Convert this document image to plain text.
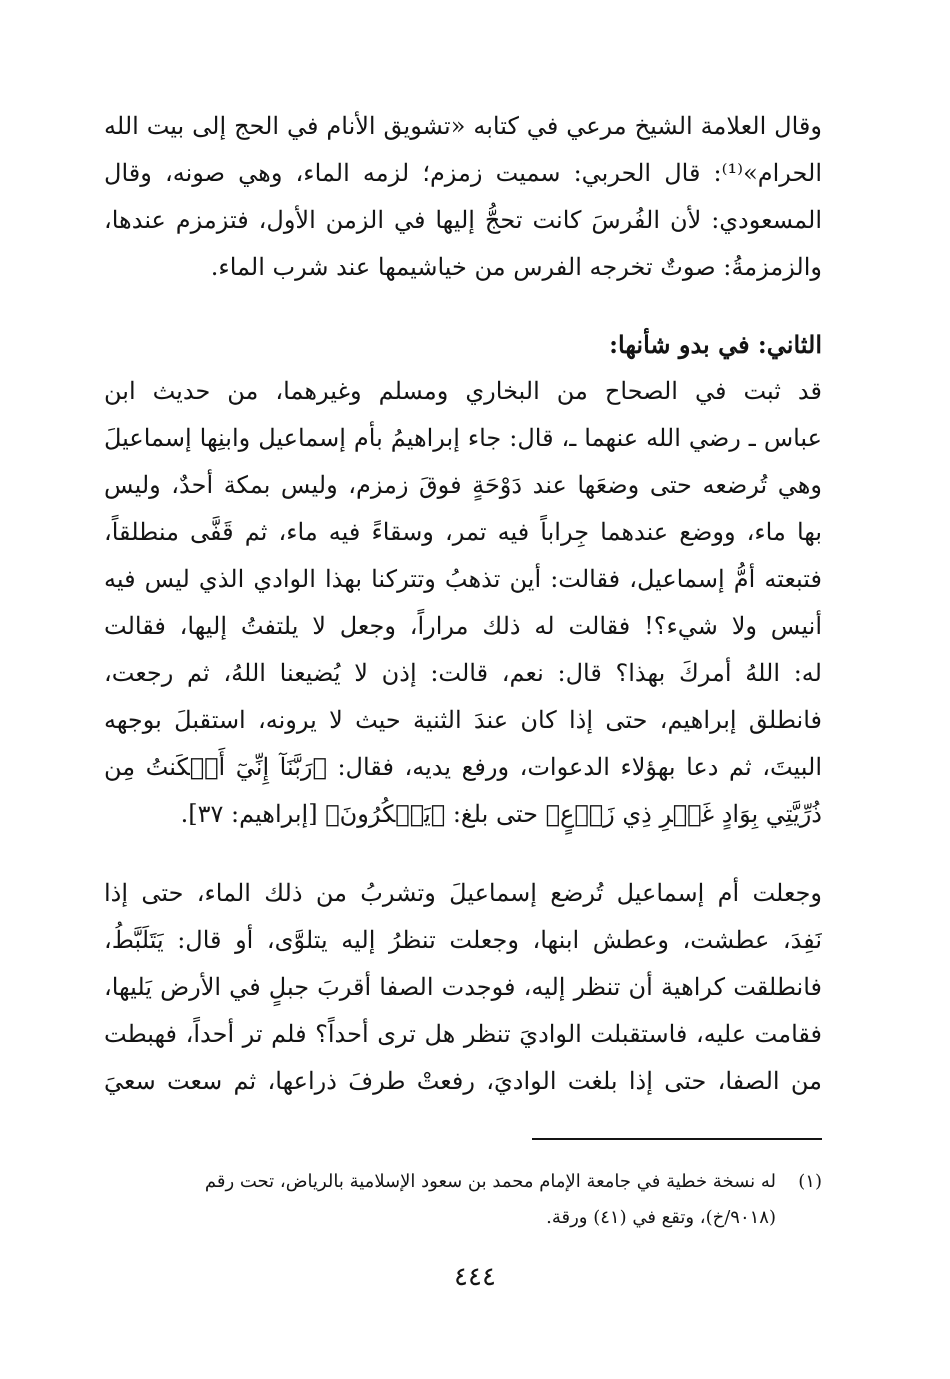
وقال العلامة الشيخ مرعي في كتابه «تشويق الأنام في الحج إلى بيت الله
الحرام»⁽¹⁾: قال الحربي: سميت زمزم؛ لزمه الماء، وهي صونه، وقال
المسعودي: لأن الفُرسَ كانت تحجُّ إليها في الزمن الأول، فتزمزم عندها،
والزمزمةُ: صوتٌ تخرجه الفرس من خياشيمها عند شرب الماء.
الثاني: في بدو شأنها:
قد ثبت في الصحاح من البخاري ومسلم وغيرهما، من حديث ابن
عباس ـ رضي الله عنهما ـ، قال: جاء إبراهيمُ بأم إسماعيل وابنِها إسماعيلَ
وهي تُرضعه حتى وضعَها عند دَوْحَةٍ فوقَ زمزم، وليس بمكة أحدٌ، وليس
بها ماء، ووضع عندهما جِراباً فيه تمر، وسقاءً فيه ماء، ثم قَفَّى منطلقاً،
فتبعته أمُّ إسماعيل، فقالت: أين تذهبُ وتتركنا بهذا الوادي الذي ليس فيه
أنيس ولا شيء؟! فقالت له ذلك مراراً، وجعل لا يلتفتُ إليها، فقالت
له: اللهُ أمركَ بهذا؟ قال: نعم، قالت: إذن لا يُضيعنا اللهُ، ثم رجعت،
فانطلق إبراهيم، حتى إذا كان عندَ الثنية حيث لا يرونه، استقبلَ بوجهه
البيتَ، ثم دعا بهؤلاء الدعوات، ورفع يديه، فقال: ﴿رَبَّنَآ إِنِّيٓ أَسۡكَنتُ مِن
ذُرِّيَّتِي بِوَادٍ غَيۡرِ ذِي زَرۡعٍ﴾ حتى بلغ: ﴿يَشۡكُرُونَ﴾ [إبراهيم: ٣٧].
وجعلت أم إسماعيل تُرضع إسماعيلَ وتشربُ من ذلك الماء، حتى إذا
نَفِدَ، عطشت، وعطش ابنها، وجعلت تنظرُ إليه يتلوَّى، أو قال: يَتَلَبَّطُ،
فانطلقت كراهية أن تنظر إليه، فوجدت الصفا أقربَ جبلٍ في الأرض يَليها،
فقامت عليه، فاستقبلت الواديَ تنظر هل ترى أحداً؟ فلم تر أحداً، فهبطت
من الصفا، حتى إذا بلغت الواديَ، رفعتْ طرفَ ذراعها، ثم سعت سعيَ
(١)له نسخة خطية في جامعة الإمام محمد بن سعود الإسلامية بالرياض، تحت رقم
(٩٠١٨/خ)، وتقع في (٤١) ورقة.
٤٤٤
